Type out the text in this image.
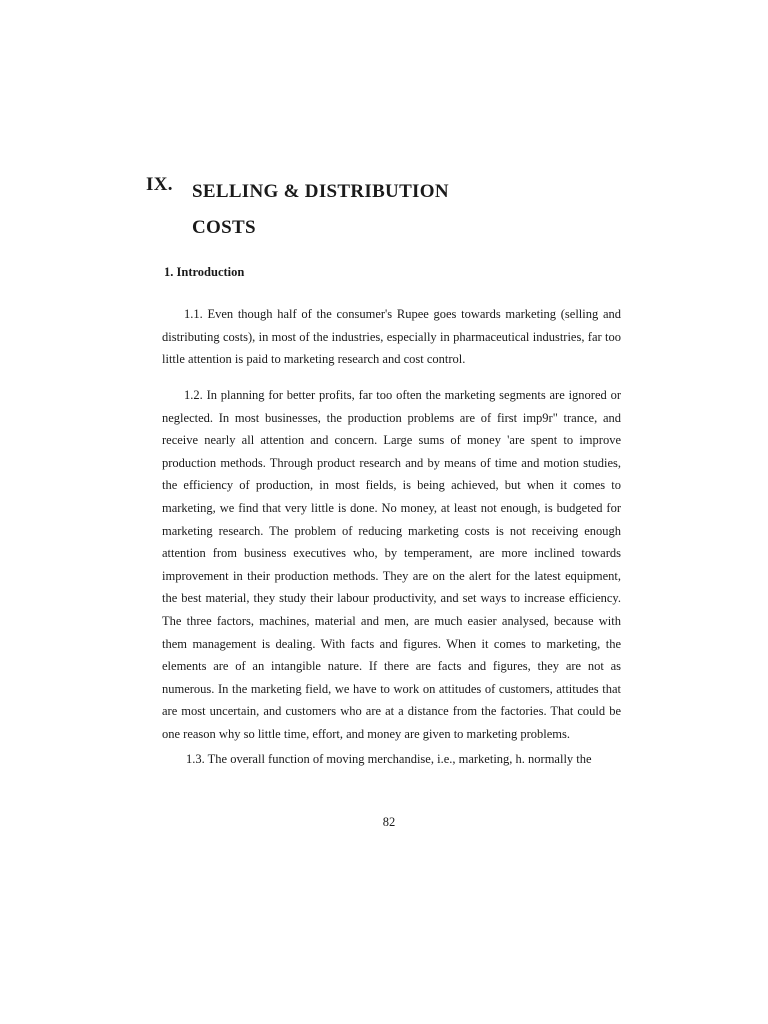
IX. SELLING & DISTRIBUTION
COSTS
1. Introduction

1.1. Even though half of the consumer's Rupee goes towards marketing (selling and distributing costs), in most of the industries, especially in pharmaceutical industries, far too little attention is paid to marketing research and cost control.

1.2. In planning for better profits, far too often the marketing segments are ignored or neglected. In most businesses, the production problems are of first imp9r" trance, and receive nearly all attention and concern. Large sums of money 'are spent to improve production methods. Through product research and by means of time and motion studies, the efficiency of production, in most fields, is being achieved, but when it comes to marketing, we find that very little is done. No money, at least not enough, is budgeted for marketing research. The problem of reducing marketing costs is not receiving enough attention from business executives who, by temperament, are more inclined towards improvement in their production methods. They are on the alert for the latest equipment, the best material, they study their labour productivity, and set ways to increase efficiency. The three factors, machines, material and men, are much easier analysed, because with them management is dealing. With facts and figures. When it comes to marketing, the elements are of an intangible nature. If there are facts and figures, they are not as numerous. In the marketing field, we have to work on attitudes of customers, attitudes that are most uncertain, and customers who are at a distance from the factories. That could be one reason why so little time, effort, and money are given to marketing problems.

1.3. The overall function of moving merchandise, i.e., marketing, h. normally the

82
